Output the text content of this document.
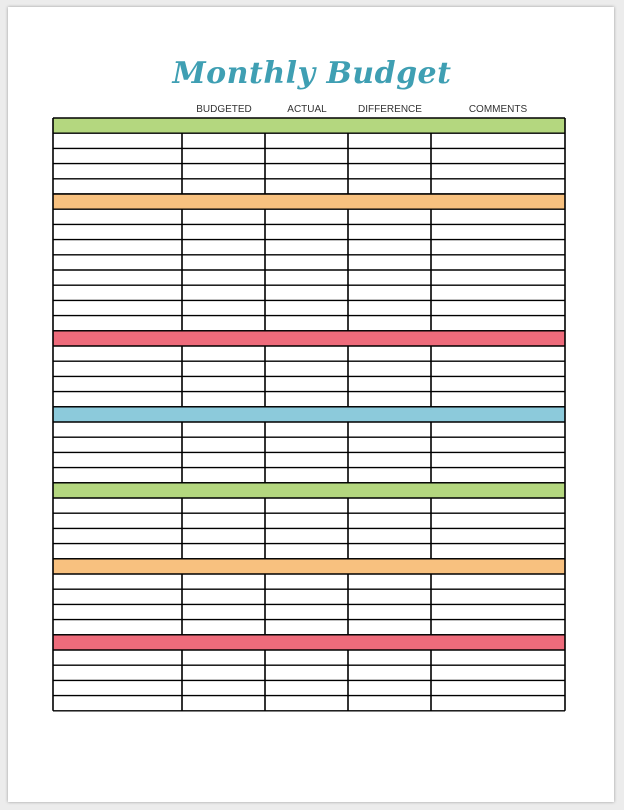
Monthly Budget
BUDGETED	ACTUAL	DIFFERENCE	COMMENTS
